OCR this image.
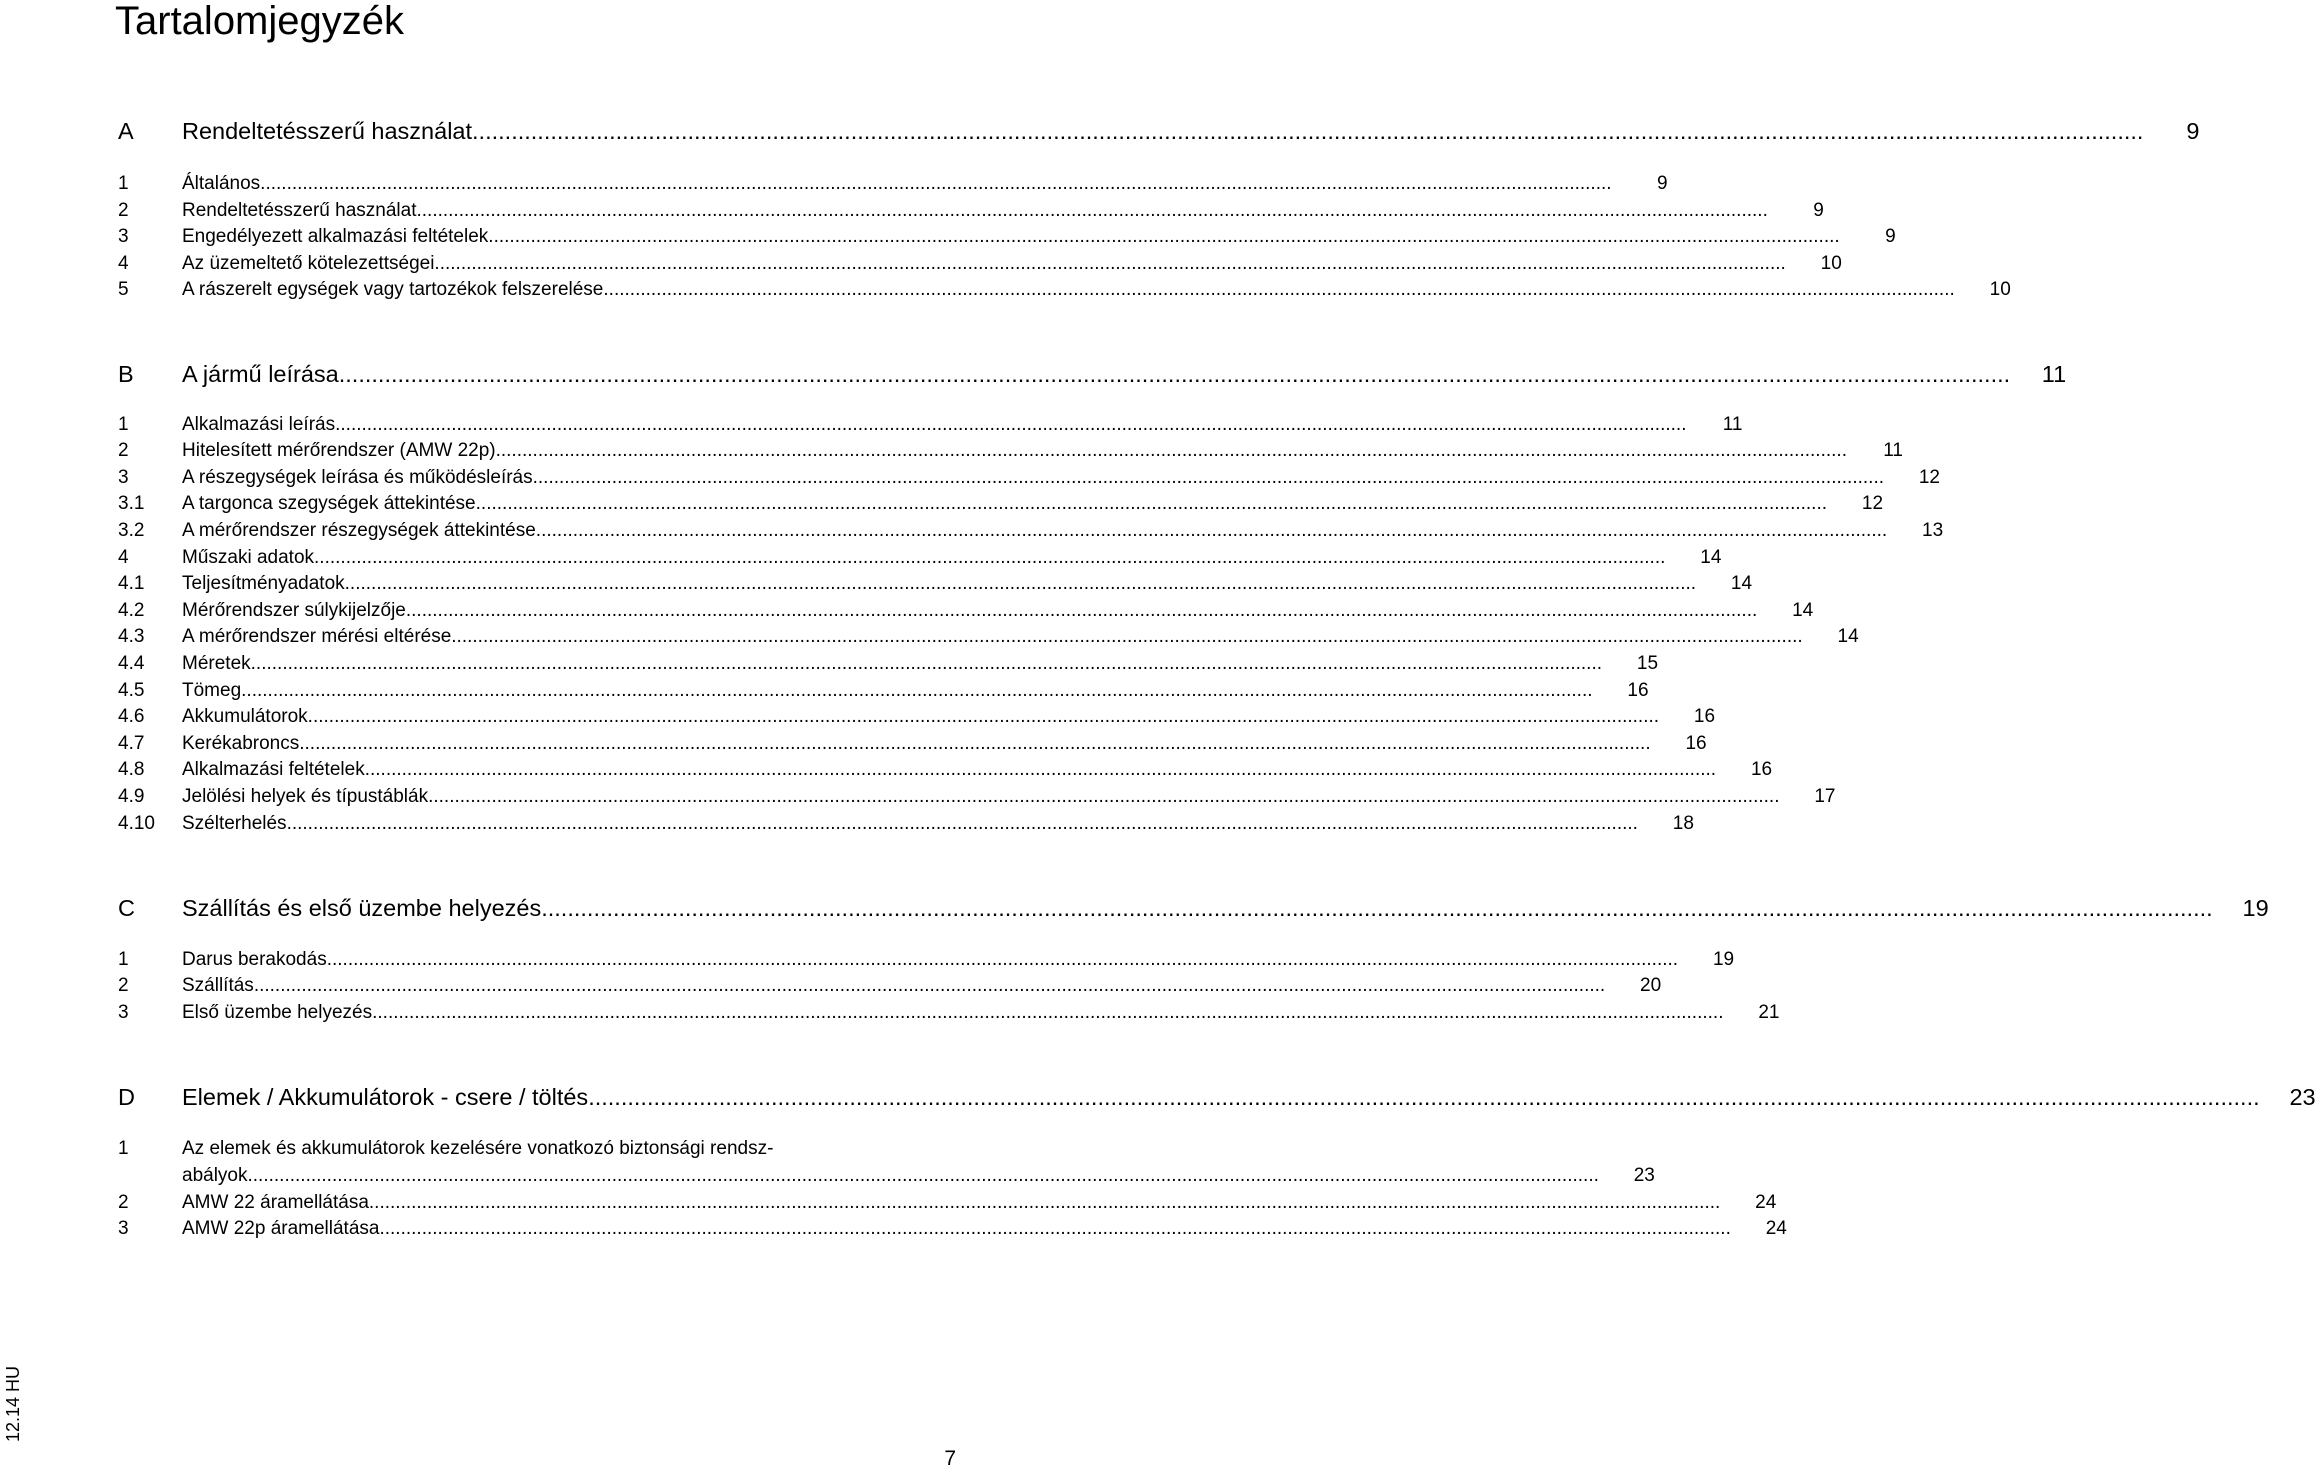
Tartalomjegyzék
A	Rendeltetésszerű használat .....	9
1	Általános .....	9
2	Rendeltetésszerű használat .....	9
3	Engedélyezett alkalmazási feltételek .....	9
4	Az üzemeltető kötelezettségei .....	10
5	A rászerelt egységek vagy tartozékok felszerelése .....	10
B	A jármű leírása .....	11
1	Alkalmazási leírás .....	11
2	Hitelesített mérőrendszer (AMW 22p) .....	11
3	A részegységek leírása és működésleírás .....	12
3.1	A targonca szegységek áttekintése .....	12
3.2	A mérőrendszer részegységek áttekintése .....	13
4	Műszaki adatok .....	14
4.1	Teljesítményadatok .....	14
4.2	Mérőrendszer súlykijelzője .....	14
4.3	A mérőrendszer mérési eltérése .....	14
4.4	Méretek .....	15
4.5	Tömeg .....	16
4.6	Akkumulátorok .....	16
4.7	Kerékabroncs .....	16
4.8	Alkalmazási feltételek .....	16
4.9	Jelölési helyek és típustáblák .....	17
4.10	Szélterhelés .....	18
C	Szállítás és első üzembe helyezés .....	19
1	Darus berakodás .....	19
2	Szállítás .....	20
3	Első üzembe helyezés .....	21
D	Elemek / Akkumulátorok - csere / töltés .....	23
1	Az elemek és akkumulátorok kezelésére vonatkozó biztonsági rendsz-
abályok .....	23
2	AMW 22 áramellátása .....	24
3	AMW 22p áramellátása .....	24
12.14 HU
7
